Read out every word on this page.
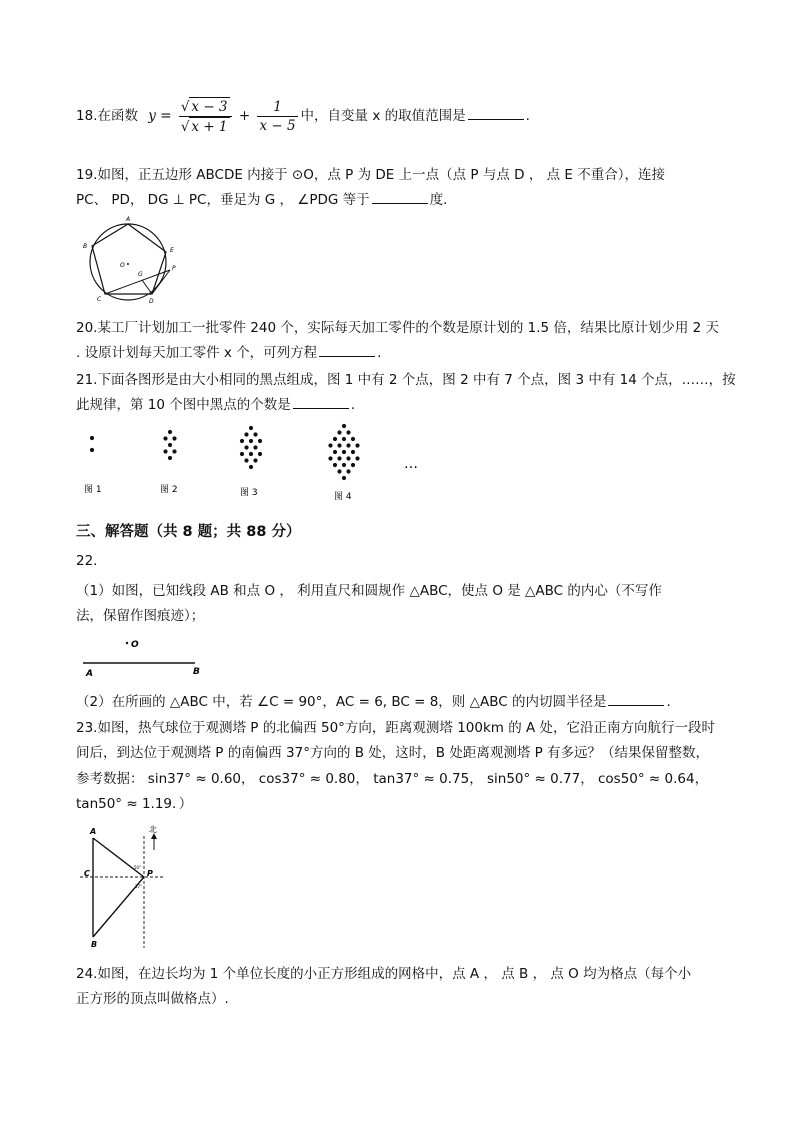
18.在函数 $y = \frac{√ x - 3}{√ x + 1} + \frac{1}{x - 5}$ 中，自变量 x 的取值范围是	.
19.如图，正五边形 ABCDE 内接于 ⊙O，点 P 为 DE 上一点（点 P 与点 D ， 点 E 不重合），连接
PC、 PD， DG ⊥ PC，垂足为 G ， ∠PDG 等于	度.
B
A
E
O
G
P
C	D
20.某工厂计划加工一批零件 240 个，实际每天加工零件的个数是原计划的 1.5 倍，结果比原计划少用 2 天
. 设原计划每天加工零件 x 个，可列方程	.
21.下面各图形是由大小相同的黑点组成，图 1 中有 2 个点，图 2 中有 7 个点，图 3 中有 14 个点，……，按
此规律，第 10 个图中黑点的个数是	.
图 1	图 2	图 3	图 4
…
三、解答题（共 8 题；共 88 分）
22.
（1）如图，已知线段 AB 和点 O ， 利用直尺和圆规作 △ABC，使点 O 是 △ABC 的内心（不写作
法，保留作图痕迹）；
O
A	B
（2）在所画的 △ABC 中，若 ∠C = 90°，AC = 6, BC = 8，则 △ABC 的内切圆半径是	.
23.如图，热气球位于观测塔 P 的北偏西 50°方向，距离观测塔 100km 的 A 处，它沿正南方向航行一段时
间后，到达位于观测塔 P 的南偏西 37°方向的 B 处，这时，B 处距离观测塔 P 有多远？（结果保留整数，
参考数据： sin37° ≈ 0.60， cos37° ≈ 0.80， tan37° ≈ 0.75， sin50° ≈ 0.77， cos50° ≈ 0.64，
tan50° ≈ 1.19．）
北
A
C	P
B
50°
37°
24.如图，在边长均为 1 个单位长度的小正方形组成的网格中，点 A ， 点 B ， 点 O 均为格点（每个小
正方形的顶点叫做格点）.
